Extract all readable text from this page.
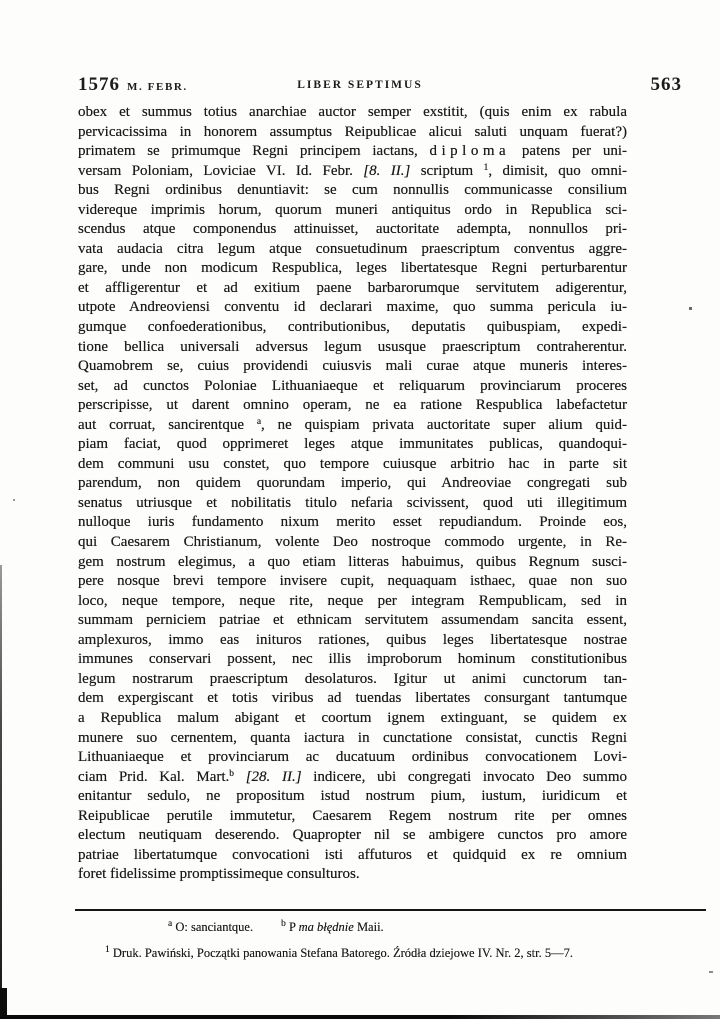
1576 M. FEBR.	LIBER SEPTIMUS	563
obex et summus totius anarchiae auctor semper exstitit, (quis enim ex rabula
pervicacissima in honorem assumptus Reipublicae alicui saluti unquam fuerat?)
primatem se primumque Regni principem iactans, diploma patens per uni-
versam Poloniam, Loviciae VI. Id. Febr. [8. II.] scriptum $^1$, dimisit, quo omni-
bus Regni ordinibus denuntiavit: se cum nonnullis communicasse consilium
videreque imprimis horum, quorum muneri antiquitus ordo in Republica sci-
scendus atque componendus attinuisset, auctoritate adempta, nonnullos pri-
vata audacia citra legum atque consuetudinum praescriptum conventus aggre-
gare, unde non modicum Respublica, leges libertatesque Regni perturbarentur
et affligerentur et ad exitium paene barbarorumque servitutem adigerentur,
utpote Andreoviensi conventu id declarari maxime, quo summa pericula iu-
gumque confoederationibus, contributionibus, deputatis quibuspiam, expedi-
tione bellica universali adversus legum ususque praescriptum contraherentur.
Quamobrem se, cuius providendi cuiusvis mali curae atque muneris interes-
set, ad cunctos Poloniae Lithuaniaeque et reliquarum provinciarum proceres
perscripisse, ut darent omnino operam, ne ea ratione Respublica labefactetur
aut corruat, sancirentque $^a$, ne quispiam privata auctoritate super alium quid-
piam faciat, quod opprimeret leges atque immunitates publicas, quandoqui-
dem communi usu constet, quo tempore cuiusque arbitrio hac in parte sit
parendum, non quidem quorundam imperio, qui Andreoviae congregati sub
senatus utriusque et nobilitatis titulo nefaria scivissent, quod uti illegitimum
nulloque iuris fundamento nixum merito esset repudiandum. Proinde eos,
qui Caesarem Christianum, volente Deo nostroque commodo urgente, in Re-
gem nostrum elegimus, a quo etiam litteras habuimus, quibus Regnum susci-
pere nosque brevi tempore invisere cupit, nequaquam isthaec, quae non suo
loco, neque tempore, neque rite, neque per integram Rempublicam, sed in
summam perniciem patriae et ethnicam servitutem assumendam sancita essent,
amplexuros, immo eas inituros rationes, quibus leges libertatesque nostrae
immunes conservari possent, nec illis improborum hominum constitutionibus
legum nostrarum praescriptum desolaturos. Igitur ut animi cunctorum tan-
dem expergiscant et totis viribus ad tuendas libertates consurgant tantumque
a Republica malum abigant et coortum ignem extinguant, se quidem ex
munere suo cernentem, quanta iactura in cunctatione consistat, cunctis Regni
Lithuaniaeque et provinciarum ac ducatuum ordinibus convocationem Lovi-
ciam Prid. Kal. Mart.$^b$ [28. II.] indicere, ubi congregati invocato Deo summo
enitantur sedulo, ne propositum istud nostrum pium, iustum, iuridicum et
Reipublicae perutile immutetur, Caesarem Regem nostrum rite per omnes
electum neutiquam deserendo. Quapropter nil se ambigere cunctos pro amore
patriae libertatumque convocationi isti affuturos et quidquid ex re omnium
foret fidelissime promptissimeque consulturos.
$^a$ O: sanciantque.	$^b$ P ma błędnie Maii.
$^1$ Druk. Pawiński, Początki panowania Stefana Batorego. Źródła dziejowe IV. Nr. 2, str. 5—7.
